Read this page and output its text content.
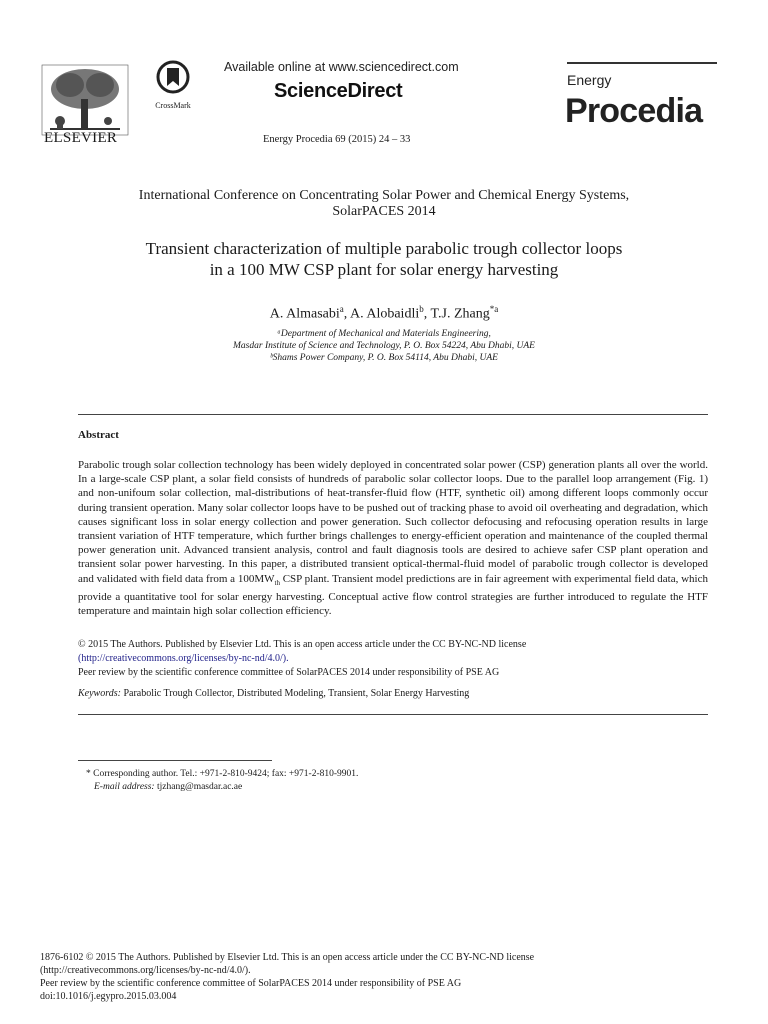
ELSEVIER
CrossMark
Available online at www.sciencedirect.com
ScienceDirect
Energy Procedia 69 (2015) 24 – 33
Energy
Procedia
International Conference on Concentrating Solar Power and Chemical Energy Systems,
SolarPACES 2014
Transient characterization of multiple parabolic trough collector loops
in a 100 MW CSP plant for solar energy harvesting
A. Almasabi$^a$, A. Alobaidli$^b$, T.J. Zhang$^{*a}$
ᵃDepartment of Mechanical and Materials Engineering,
Masdar Institute of Science and Technology, P. O. Box 54224, Abu Dhabi, UAE
ᵇShams Power Company, P. O. Box 54114, Abu Dhabi, UAE
Abstract
Parabolic trough solar collection technology has been widely deployed in concentrated solar power (CSP) generation plants all over the world. In a large-scale CSP plant, a solar field consists of hundreds of parabolic solar collector loops. Due to the parallel loop arrangement (Fig. 1) and non-unifoum solar collection, mal-distributions of heat-transfer-fluid flow (HTF, synthetic oil) among different loops commonly occur during transient operation. Many solar collector loops have to be pushed out of tracking phase to avoid oil overheating and degradation, which causes significant loss in solar energy collection and power generation. Such collector defocusing and refocusing operation results in large transient variation of HTF temperature, which further brings challenges to energy-efficient operation and maintenance of the coupled thermal power generation unit. Advanced transient analysis, control and fault diagnosis tools are desired to achieve safer CSP plant operation and transient solar power harvesting. In this paper, a distributed transient optical-thermal-fluid model of parabolic trough collector is developed and validated with field data from a $100MW_{th}$ CSP plant. Transient model predictions are in fair agreement with experimental field data, which provide a quantitative tool for solar energy harvesting. Conceptual active flow control strategies are further introduced to regulate the HTF temperature and maintain high solar collection efficiency.
© 2015 The Authors. Published by Elsevier Ltd. This is an open access article under the CC BY-NC-ND license
(http://creativecommons.org/licenses/by-nc-nd/4.0/).
Peer review by the scientific conference committee of SolarPACES 2014 under responsibility of PSE AG
Keywords: Parabolic Trough Collector, Distributed Modeling, Transient, Solar Energy Harvesting
* Corresponding author. Tel.: +971-2-810-9424; fax: +971-2-810-9901.
E-mail address: tjzhang@masdar.ac.ae
1876-6102 © 2015 The Authors. Published by Elsevier Ltd. This is an open access article under the CC BY-NC-ND license
(http://creativecommons.org/licenses/by-nc-nd/4.0/).
Peer review by the scientific conference committee of SolarPACES 2014 under responsibility of PSE AG
doi:10.1016/j.egypro.2015.03.004
